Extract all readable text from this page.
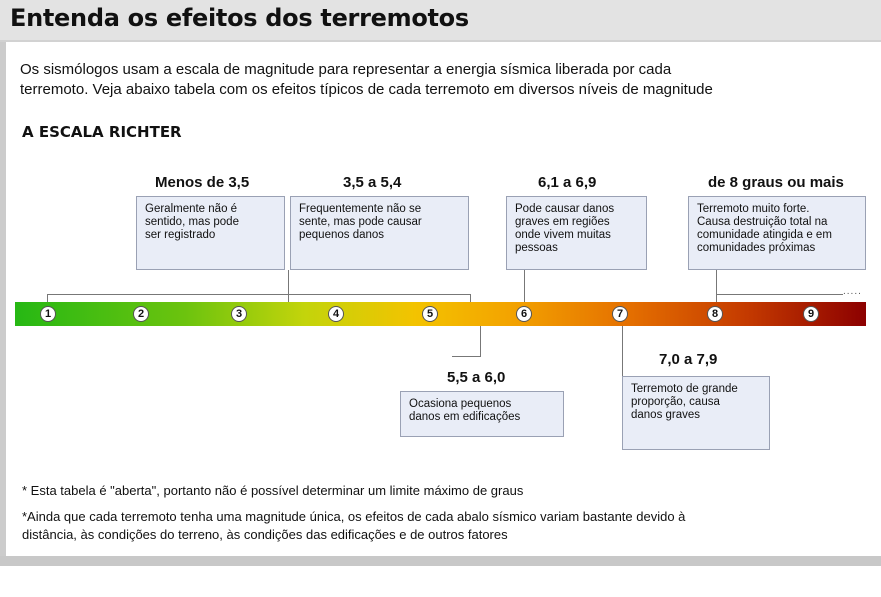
Entenda os efeitos dos terremotos
Os sismólogos usam a escala de magnitude para representar a energia sísmica liberada por cada
terremoto. Veja abaixo tabela com os efeitos típicos de cada terremoto em diversos níveis de magnitude
A ESCALA RICHTER
Menos de 3,5	3,5 a 5,4	6,1 a 6,9	de 8 graus ou mais
5,5 a 6,0
7,0 a 7,9
Geralmente não é
sentido, mas pode
ser registrado
Frequentemente não se
sente, mas pode causar
pequenos danos
Pode causar danos
graves em regiões
onde vivem muitas
pessoas
Terremoto muito forte.
Causa destruição total na
comunidade atingida e em
comunidades próximas
Ocasiona pequenos
danos em edificações
Terremoto de grande
proporção, causa
danos graves
.....
1	2	3	4	5	6	7	8	9
* Esta tabela é "aberta", portanto não é possível determinar um limite máximo de graus
*Ainda que cada terremoto tenha uma magnitude única, os efeitos de cada abalo sísmico variam bastante devido à
distância, às condições do terreno, às condições das edificações e de outros fatores
